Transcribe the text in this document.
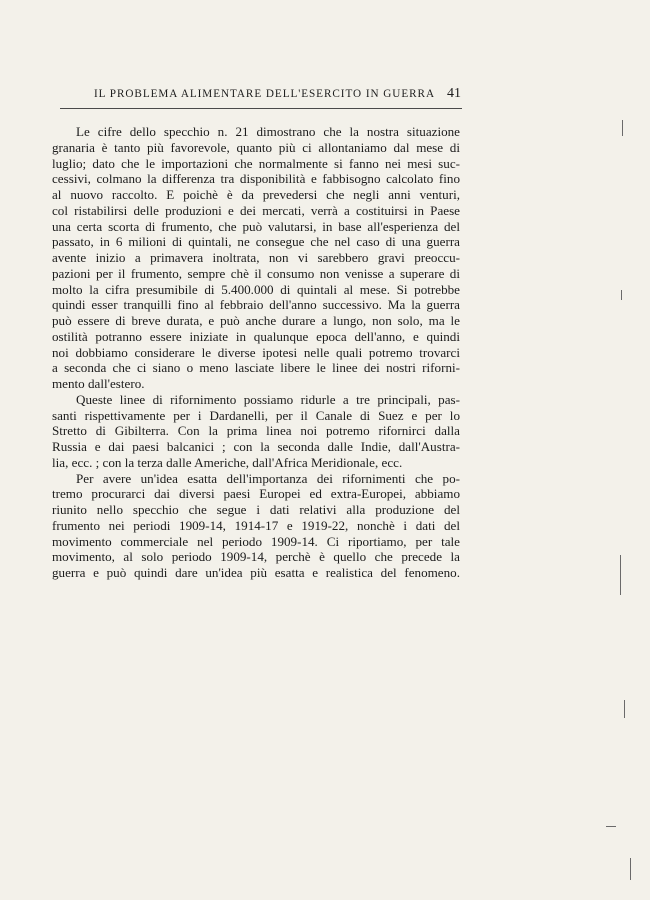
IL PROBLEMA ALIMENTARE DELL'ESERCITO IN GUERRA 41
Le cifre dello specchio n. 21 dimostrano che la nostra situazione
granaria è tanto più favorevole, quanto più ci allontaniamo dal mese di
luglio; dato che le importazioni che normalmente si fanno nei mesi suc-
cessivi, colmano la differenza tra disponibilità e fabbisogno calcolato fino
al nuovo raccolto. E poichè è da prevedersi che negli anni venturi,
col ristabilirsi delle produzioni e dei mercati, verrà a costituirsi in Paese
una certa scorta di frumento, che può valutarsi, in base all'esperienza del
passato, in 6 milioni di quintali, ne consegue che nel caso di una guerra
avente inizio a primavera inoltrata, non vi sarebbero gravi preoccu-
pazioni per il frumento, sempre chè il consumo non venisse a superare di
molto la cifra presumibile di 5.400.000 di quintali al mese. Si potrebbe
quindi esser tranquilli fino al febbraio dell'anno successivo. Ma la guerra
può essere di breve durata, e può anche durare a lungo, non solo, ma le
ostilità potranno essere iniziate in qualunque epoca dell'anno, e quindi
noi dobbiamo considerare le diverse ipotesi nelle quali potremo trovarci
a seconda che ci siano o meno lasciate libere le linee dei nostri riforni-
mento dall'estero.
Queste linee di rifornimento possiamo ridurle a tre principali, pas-
santi rispettivamente per i Dardanelli, per il Canale di Suez e per lo
Stretto di Gibilterra. Con la prima linea noi potremo rifornirci dalla
Russia e dai paesi balcanici ; con la seconda dalle Indie, dall'Austra-
lia, ecc. ; con la terza dalle Americhe, dall'Africa Meridionale, ecc.
Per avere un'idea esatta dell'importanza dei rifornimenti che po-
tremo procurarci dai diversi paesi Europei ed extra-Europei, abbiamo
riunito nello specchio che segue i dati relativi alla produzione del
frumento nei periodi 1909-14, 1914-17 e 1919-22, nonchè i dati del
movimento commerciale nel periodo 1909-14. Ci riportiamo, per tale
movimento, al solo periodo 1909-14, perchè è quello che precede la
guerra e può quindi dare un'idea più esatta e realistica del fenomeno.
